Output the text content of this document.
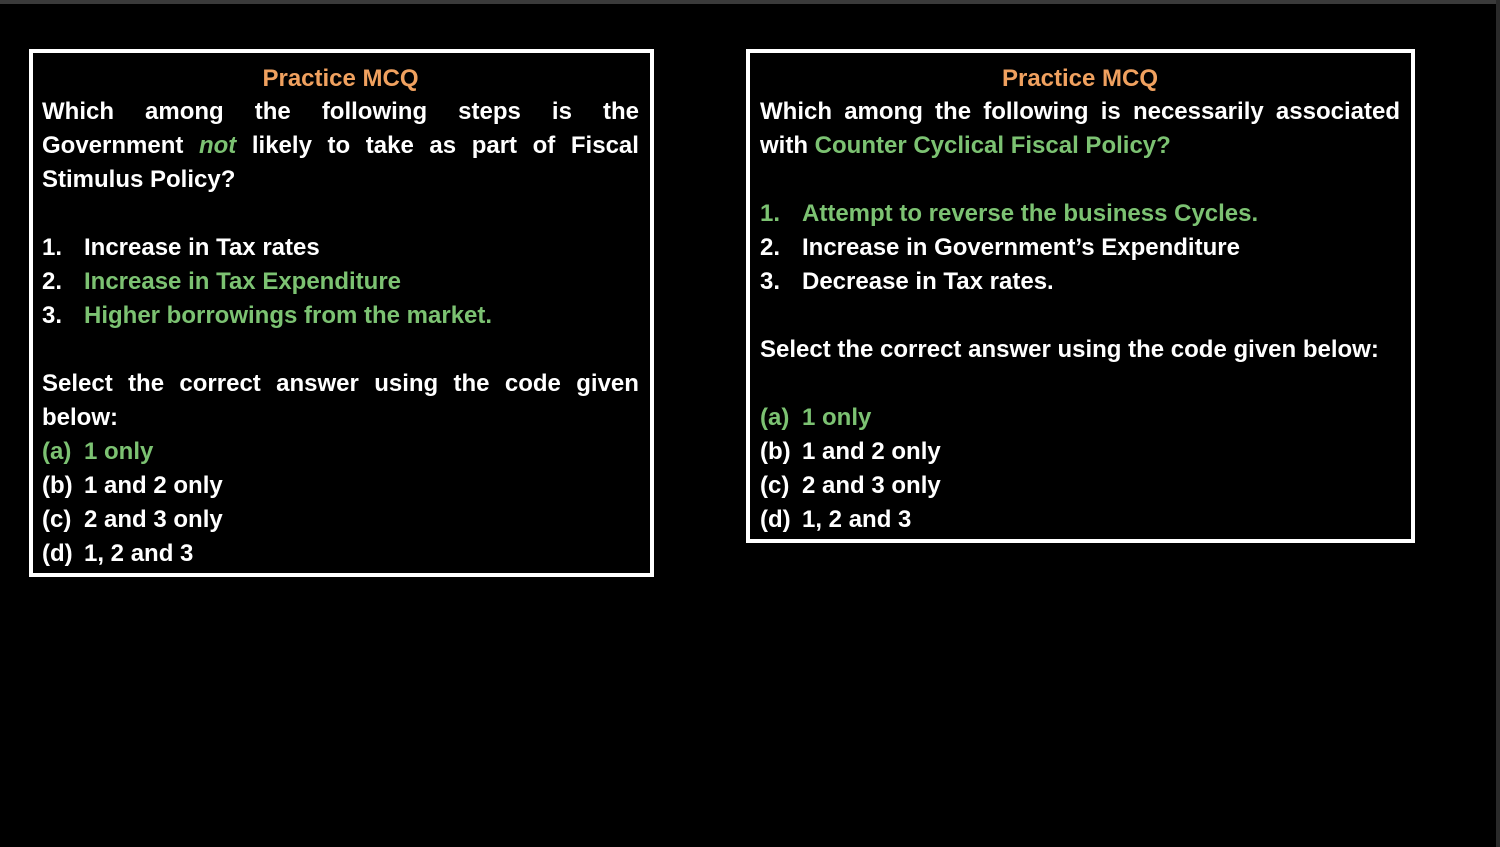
Practice MCQ
Which among the following steps is the
Government not likely to take as part of Fiscal
Stimulus Policy?
1. Increase in Tax rates
2. Increase in Tax Expenditure
3. Higher borrowings from the market.
Select the correct answer using the code given
below:
(a) 1 only
(b) 1 and 2 only
(c) 2 and 3 only
(d) 1, 2 and 3
Practice MCQ
Which among the following is necessarily associated
with Counter Cyclical Fiscal Policy?
1. Attempt to reverse the business Cycles.
2. Increase in Government’s Expenditure
3. Decrease in Tax rates.
Select the correct answer using the code given below:
(a) 1 only
(b) 1 and 2 only
(c) 2 and 3 only
(d) 1, 2 and 3
